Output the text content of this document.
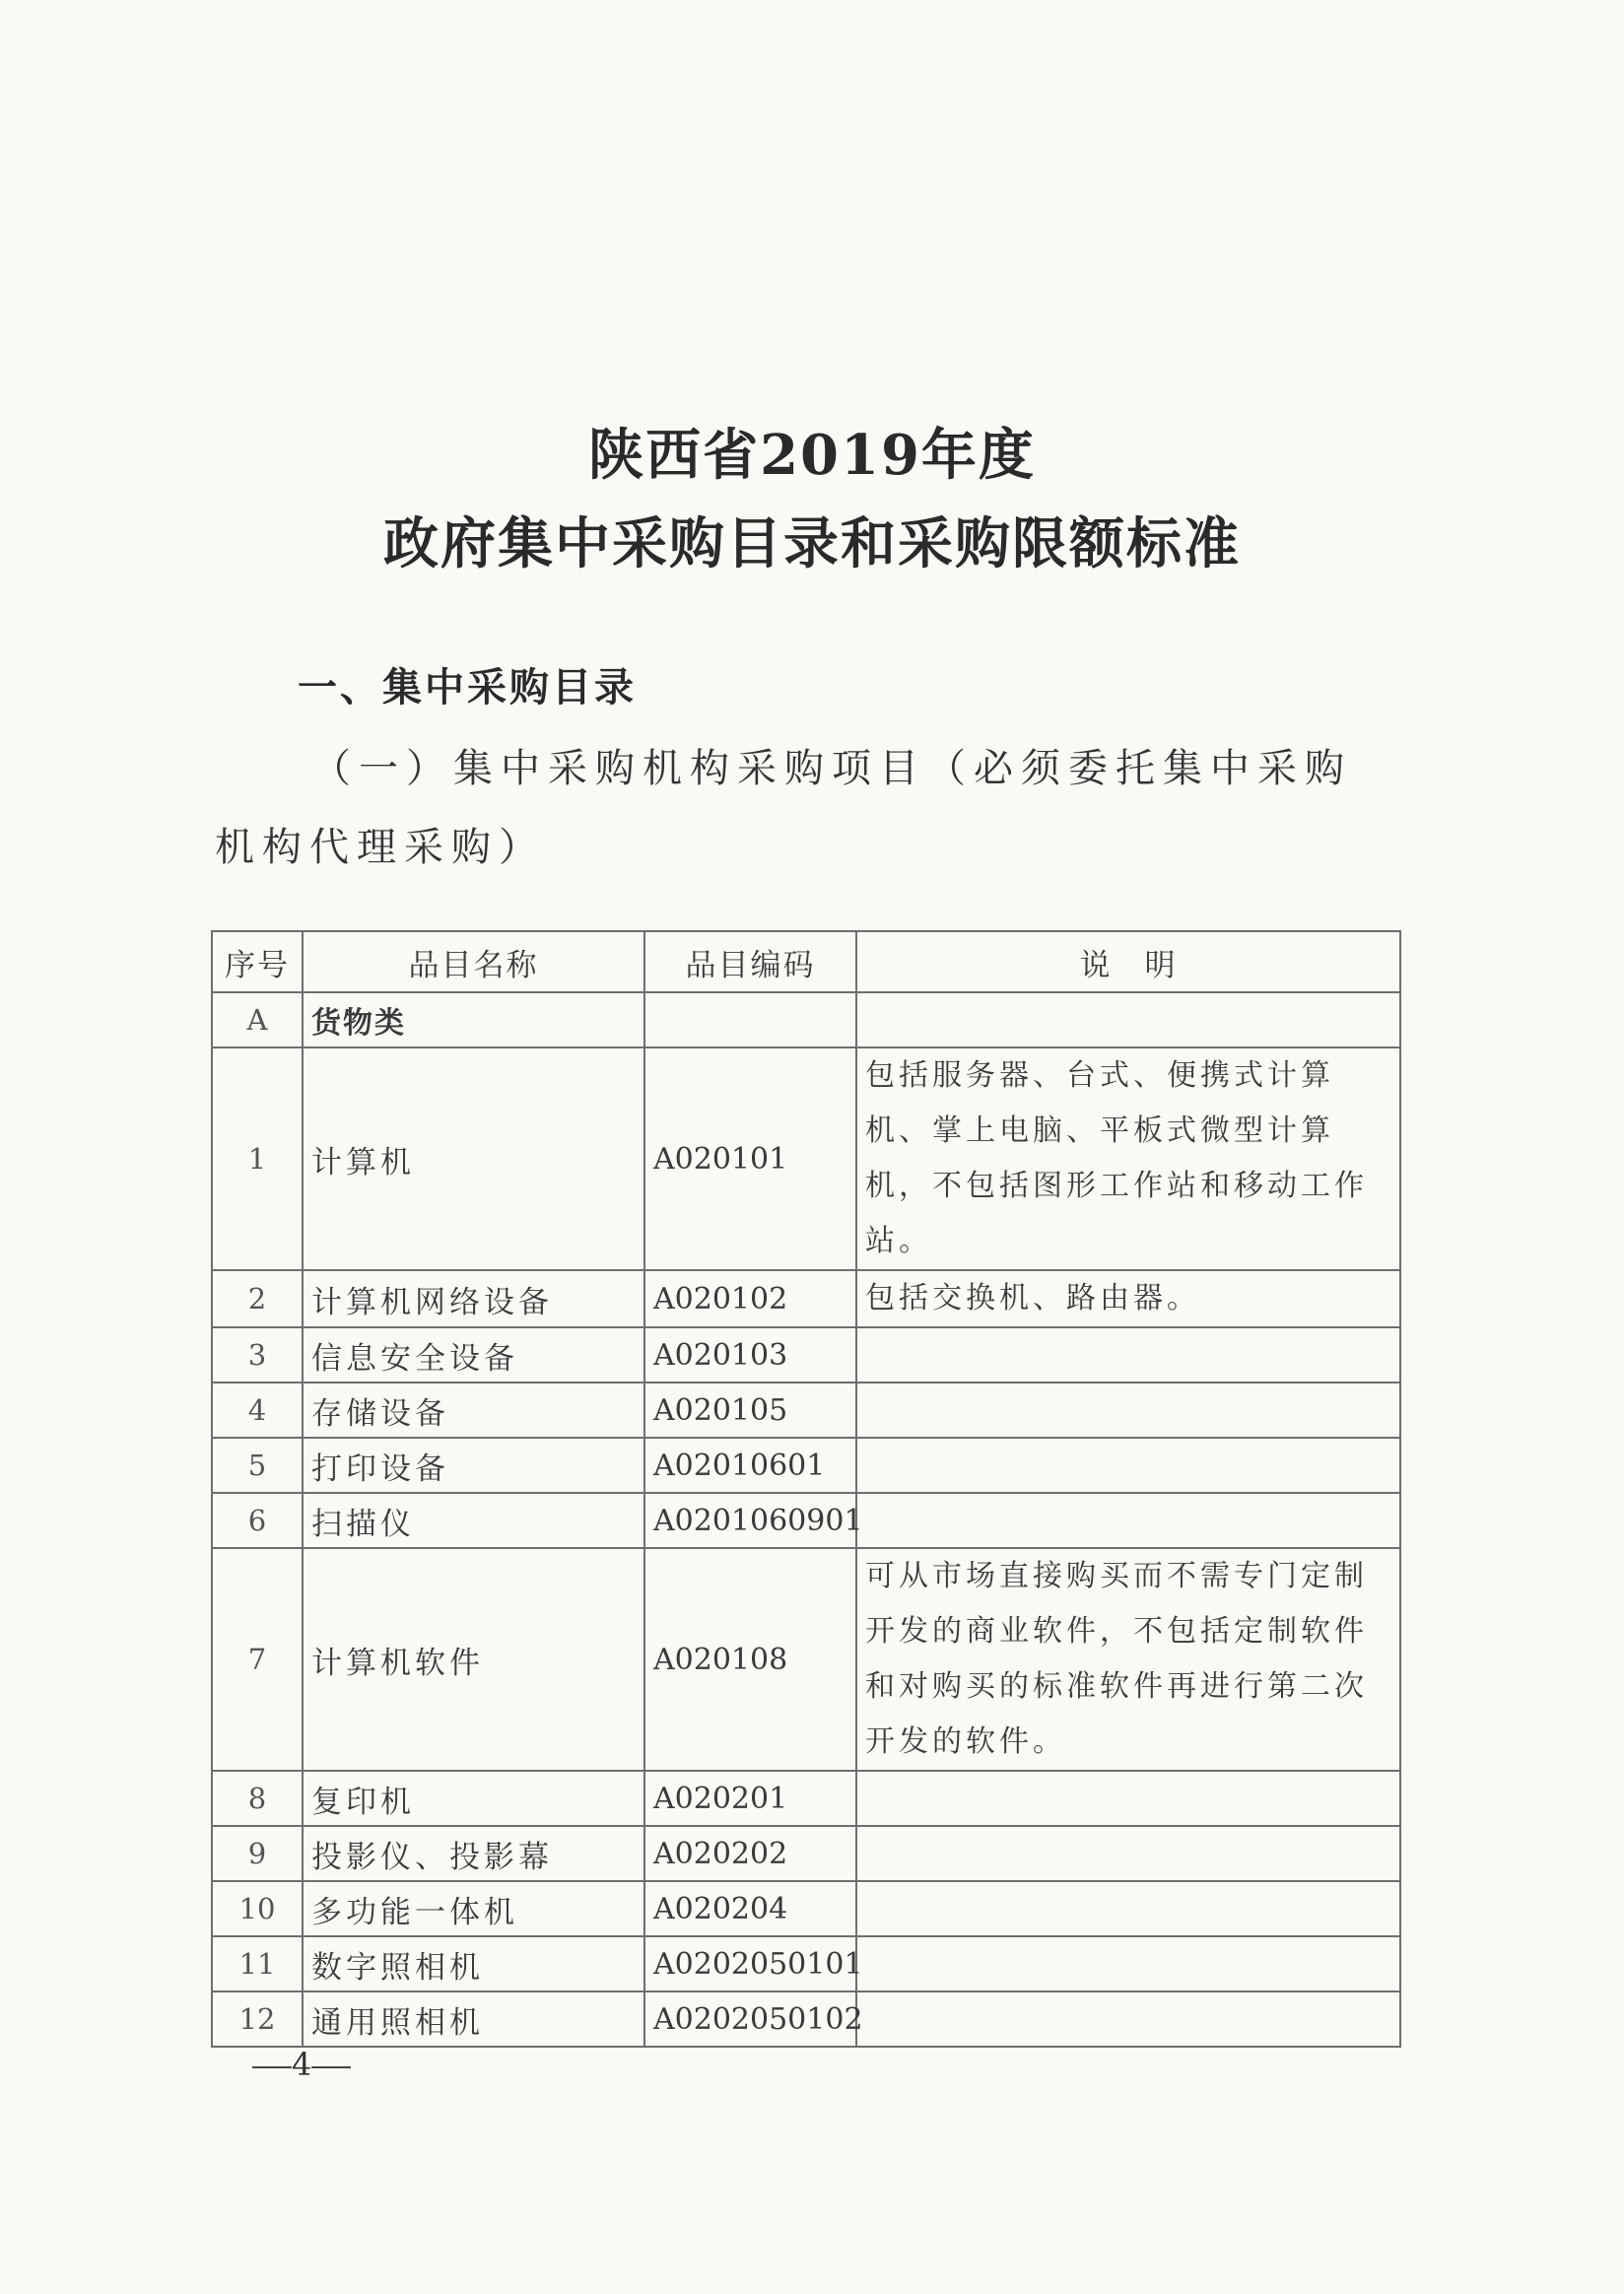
陕西省2019年度
政府集中采购目录和采购限额标准
一、集中采购目录
（一）集中采购机构采购项目（必须委托集中采购机构代理采购）
序号	品目名称	品目编码	说　明
A	货物类		
1	计算机	A020101	包括服务器、台式、便携式计算机、掌上电脑、平板式微型计算机，不包括图形工作站和移动工作站。
2	计算机网络设备	A020102	包括交换机、路由器。
3	信息安全设备	A020103	
4	存储设备	A020105	
5	打印设备	A02010601	
6	扫描仪	A0201060901	
7	计算机软件	A020108	可从市场直接购买而不需专门定制开发的商业软件，不包括定制软件和对购买的标准软件再进行第二次开发的软件。
8	复印机	A020201	
9	投影仪、投影幕	A020202	
10	多功能一体机	A020204	
11	数字照相机	A0202050101	
12	通用照相机	A0202050102	
4
